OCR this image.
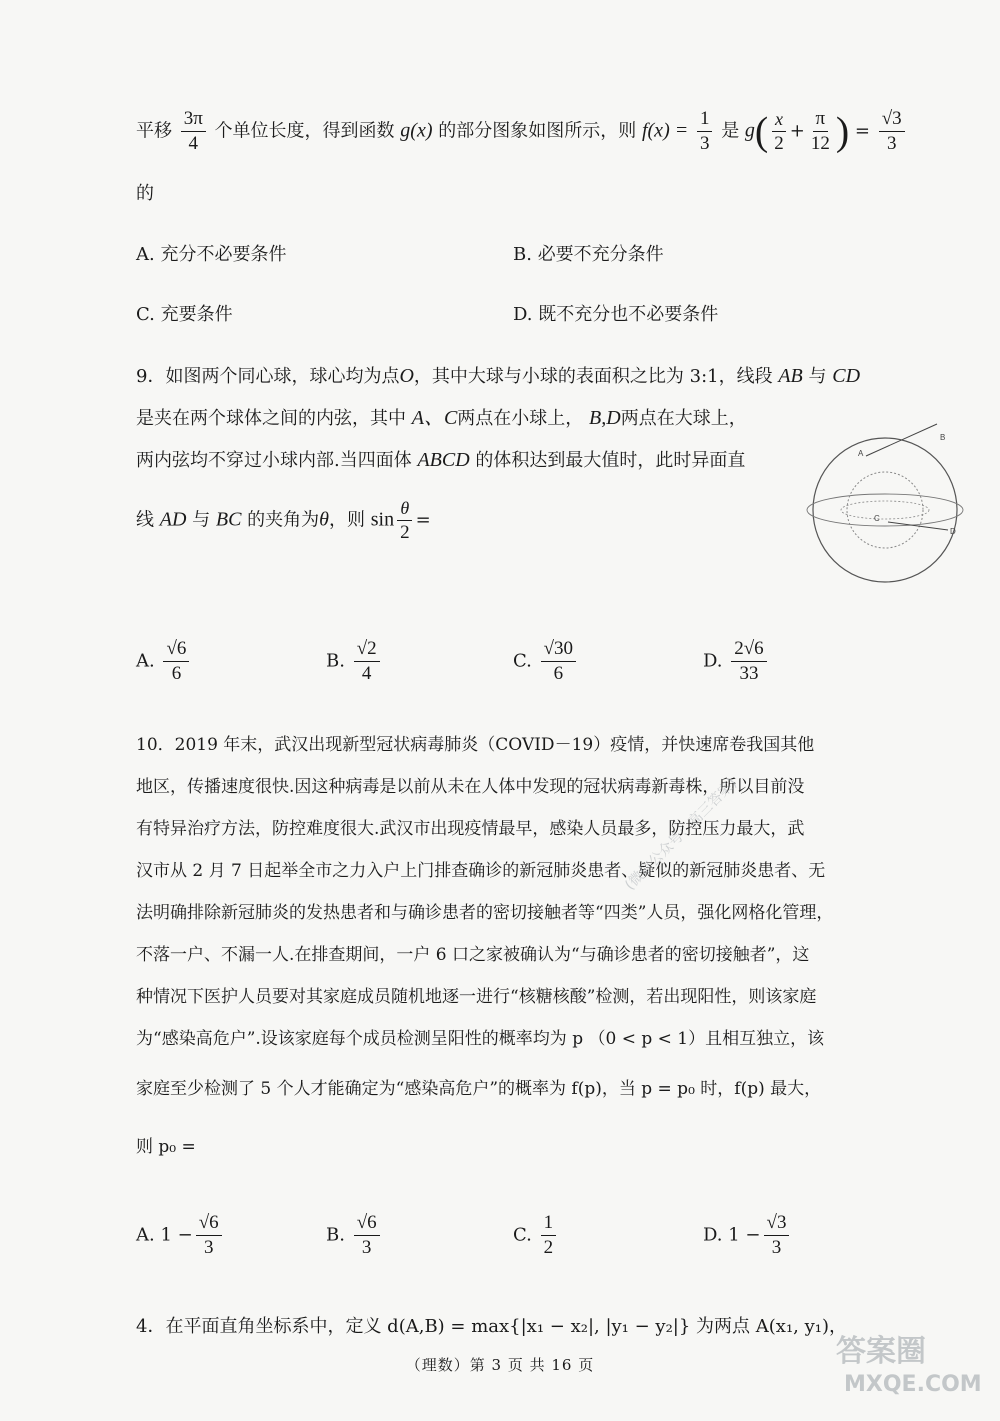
平移 $\frac{3\pi}{4}$ 个单位长度，得到函数 g(x) 的部分图象如图所示，则 $f(x) = \frac{1}{3}$ 是 $g( \frac{x}{2} + \frac{\pi}{12}$ ) = $\frac{√3}{3}$
的
A. 充分不必要条件	B. 必要不充分条件
C. 充要条件	D. 既不充分也不必要条件
9．如图两个同心球，球心均为点O，其中大球与小球的表面积之比为 3:1，线段 AB 与 CD
是夹在两个球体之间的内弦，其中 A、C两点在小球上， B,D两点在大球上，
两内弦均不穿过小球内部.当四面体 ABCD 的体积达到最大值时，此时异面直
线 AD 与 BC 的夹角为θ，则 $\sin \frac{\theta}{2}$ =
A
B
C
D
A. $\frac{√6}{6}$	B. $\frac{√2}{4}$	C. $\frac{√30}{6}$	D. $\frac{2√6}{33}$
10．2019 年末，武汉出现新型冠状病毒肺炎（COVID－19）疫情，并快速席卷我国其他
地区，传播速度很快.因这种病毒是以前从未在人体中发现的冠状病毒新毒株，所以目前没
有特异治疗方法，防控难度很大.武汉市出现疫情最早，感染人员最多，防控压力最大，武
汉市从 2 月 7 日起举全市之力入户上门排查确诊的新冠肺炎患者、疑似的新冠肺炎患者、无
法明确排除新冠肺炎的发热患者和与确诊患者的密切接触者等“四类”人员，强化网格化管理，
不落一户、不漏一人.在排查期间，一户 6 口之家被确认为“与确诊患者的密切接触者”，这
种情况下医护人员要对其家庭成员随机地逐一进行“核糖核酸”检测，若出现阳性，则该家庭
为“感染高危户”.设该家庭每个成员检测呈阳性的概率均为 p （0 < p < 1）且相互独立，该
家庭至少检测了 5 个人才能确定为“感染高危户”的概率为 f(p)，当 p = p₀ 时，f(p) 最大，
则 p₀ =
A. $1 - \frac{√6}{3}$	B. $\frac{√6}{3}$	C. $\frac{1}{2}$	D. $1 - \frac{√3}{3}$
4．在平面直角坐标系中，定义 d(A,B) = max{|x₁ − x₂|, |y₁ − y₂|} 为两点 A(x₁, y₁)，
（理数）第 3 页 共 16 页
(微信公众号：高三答案)
答案圈
MXQE.COM
